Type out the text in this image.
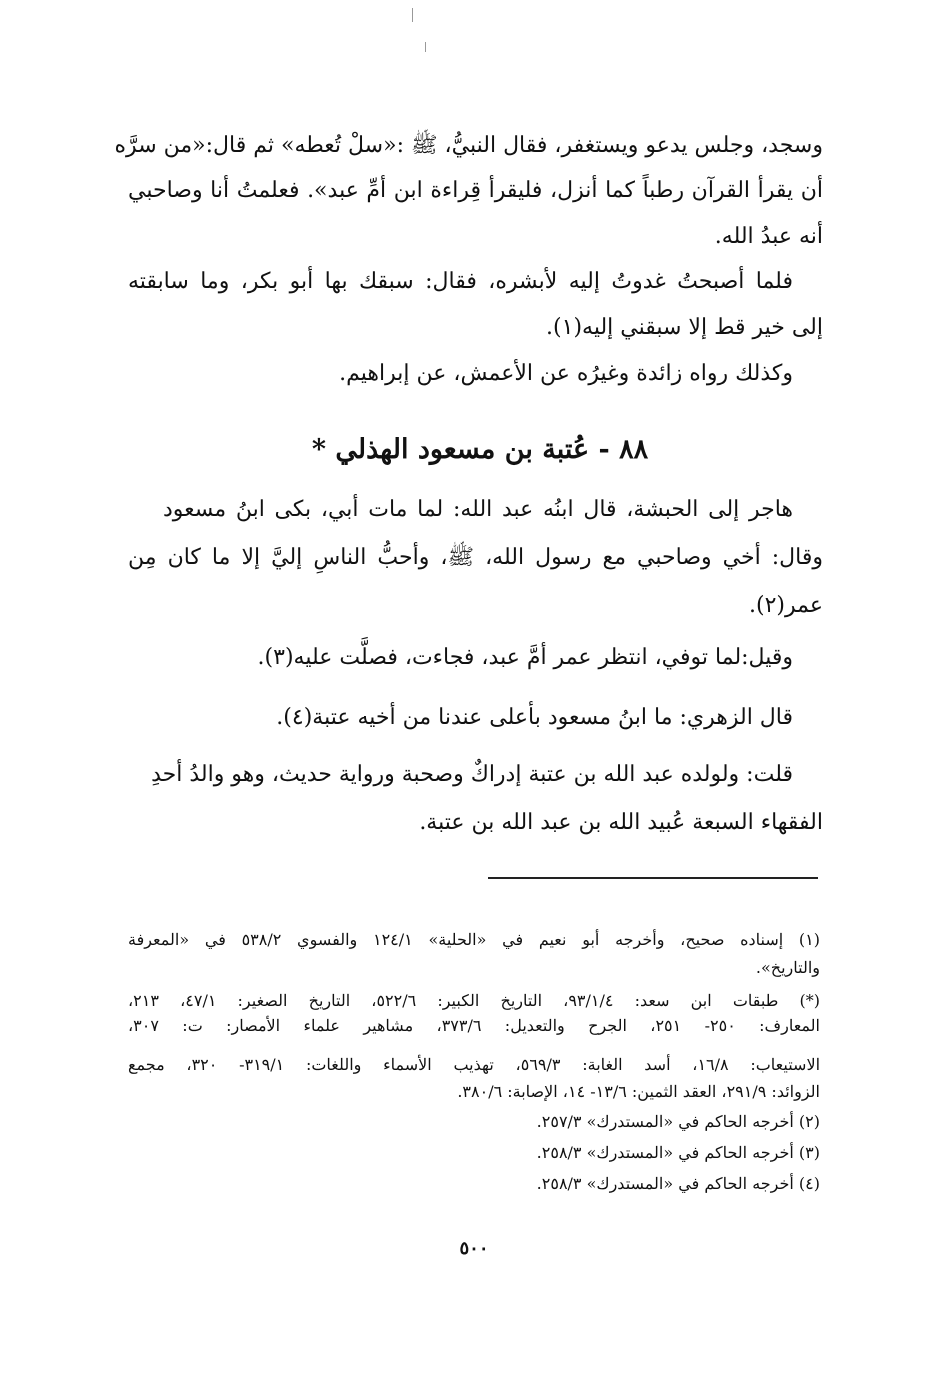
وسجد، وجلس يدعو ويستغفر، فقال النبيُّ، ﷺ :«سلْ تُعطه» ثم قال:«من سرَّه
أن يقرأ القرآن رطباً كما أنزل، فليقرأ قِراءة ابن أمِّ عبد». فعلمتُ أنا وصاحبي
أنه عبدُ الله.
فلما أصبحتُ غدوتُ إليه لأبشره، فقال: سبقك بها أبو بكر، وما سابقته
إلى خير قط إلا سبقني إليه(١).
وكذلك رواه زائدة وغيرُه عن الأعمش، عن إبراهيم.
٨٨ - عُتبة بن مسعود الهذلي *
هاجر إلى الحبشة، قال ابنُه عبد الله: لما مات أبي، بكى ابنُ مسعود
وقال: أخي وصاحبي مع رسول الله، ﷺ، وأحبُّ الناسِ إليَّ إلا ما كان مِن
عمر(٢).
وقيل:لما توفي، انتظر عمر أمَّ عبد، فجاءت، فصلَّت عليه(٣).
قال الزهري: ما ابنُ مسعود بأعلى عندنا من أخيه عتبة(٤).
قلت: ولولده عبد الله بن عتبة إدراكٌ وصحبة ورواية حديث، وهو والدُ أحدِ
الفقهاء السبعة عُبيد الله بن عبد الله بن عتبة.
(١) إسناده صحيح، وأخرجه أبو نعيم في «الحلية» ١٢٤/١ والفسوي ٥٣٨/٢ في «المعرفة
والتاريخ».
(*) طبقات ابن سعد: ٩٣/١/٤، التاريخ الكبير: ٥٢٢/٦، التاريخ الصغير: ٤٧/١، ٢١٣،
المعارف: ٢٥٠- ٢٥١، الجرح والتعديل: ٣٧٣/٦، مشاهير علماء الأمصار: ت: ٣٠٧،
الاستيعاب: ١٦/٨، أسد الغابة: ٥٦٩/٣، تهذيب الأسماء واللغات: ٣١٩/١- ٣٢٠، مجمع
الزوائد: ٢٩١/٩، العقد الثمين: ١٣/٦- ١٤، الإصابة: ٣٨٠/٦.
(٢) أخرجه الحاكم في «المستدرك» ٢٥٧/٣.
(٣) أخرجه الحاكم في «المستدرك» ٢٥٨/٣.
(٤) أخرجه الحاكم في «المستدرك» ٢٥٨/٣.
٥٠٠
